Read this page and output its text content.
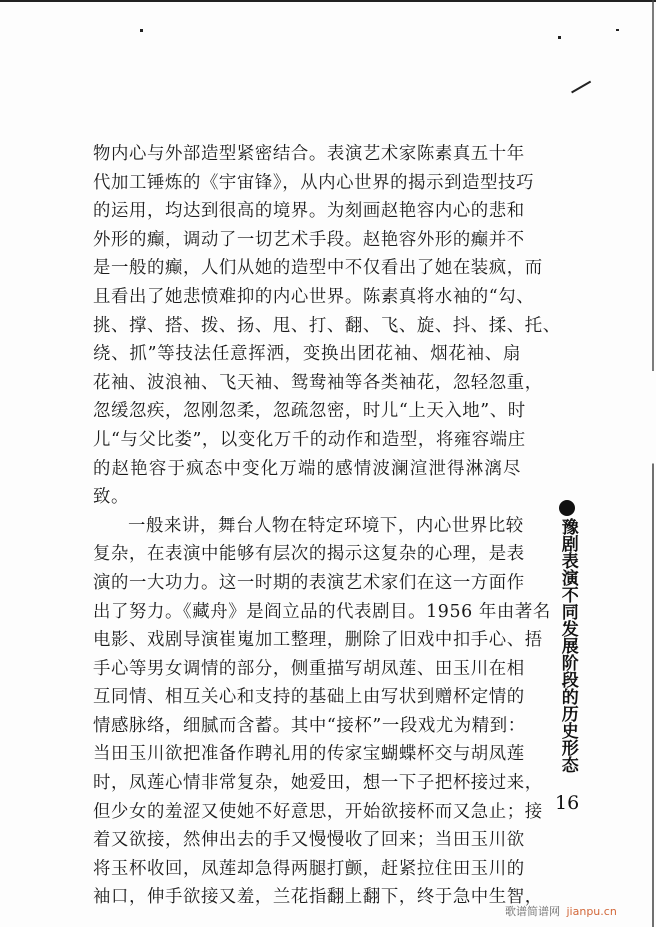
物内心与外部造型紧密结合。表演艺术家陈素真五十年
代加工锤炼的《宇宙锋》，从内心世界的揭示到造型技巧
的运用，均达到很高的境界。为刻画赵艳容内心的悲和
外形的癫，调动了一切艺术手段。赵艳容外形的癫并不
是一般的癫，人们从她的造型中不仅看出了她在装疯，而
且看出了她悲愤难抑的内心世界。陈素真将水袖的“勾、
挑、撑、搭、拨、扬、甩、打、翻、飞、旋、抖、揉、托、
绕、抓”等技法任意挥洒，变换出团花袖、烟花袖、扇
花袖、波浪袖、飞天袖、鸳鸯袖等各类袖花，忽轻忽重，
忽缓忽疾，忽刚忽柔，忽疏忽密，时儿“上天入地”、时
儿“与父比娄”，以变化万千的动作和造型，将雍容端庄
的赵艳容于疯态中变化万端的感情波澜渲泄得淋漓尽
致。
一般来讲，舞台人物在特定环境下，内心世界比较
复杂，在表演中能够有层次的揭示这复杂的心理，是表
演的一大功力。这一时期的表演艺术家们在这一方面作
出了努力。《藏舟》是阎立品的代表剧目。1956 年由著名
电影、戏剧导演崔嵬加工整理，删除了旧戏中扣手心、捂
手心等男女调情的部分，侧重描写胡凤莲、田玉川在相
互同情、相互关心和支持的基础上由写状到赠杯定情的
情感脉络，细腻而含蓄。其中“接杯”一段戏尤为精到：
当田玉川欲把准备作聘礼用的传家宝蝴蝶杯交与胡凤莲
时，凤莲心情非常复杂，她爱田，想一下子把杯接过来，
但少女的羞涩又使她不好意思，开始欲接杯而又急止；接
着又欲接，然伸出去的手又慢慢收了回来；当田玉川欲
将玉杯收回，凤莲却急得两腿打颤，赶紧拉住田玉川的
袖口，伸手欲接又羞，兰花指翻上翻下，终于急中生智，
豫剧表演不同发展阶段的历史形态
16
歌谱简谱网 jianpu.cn
